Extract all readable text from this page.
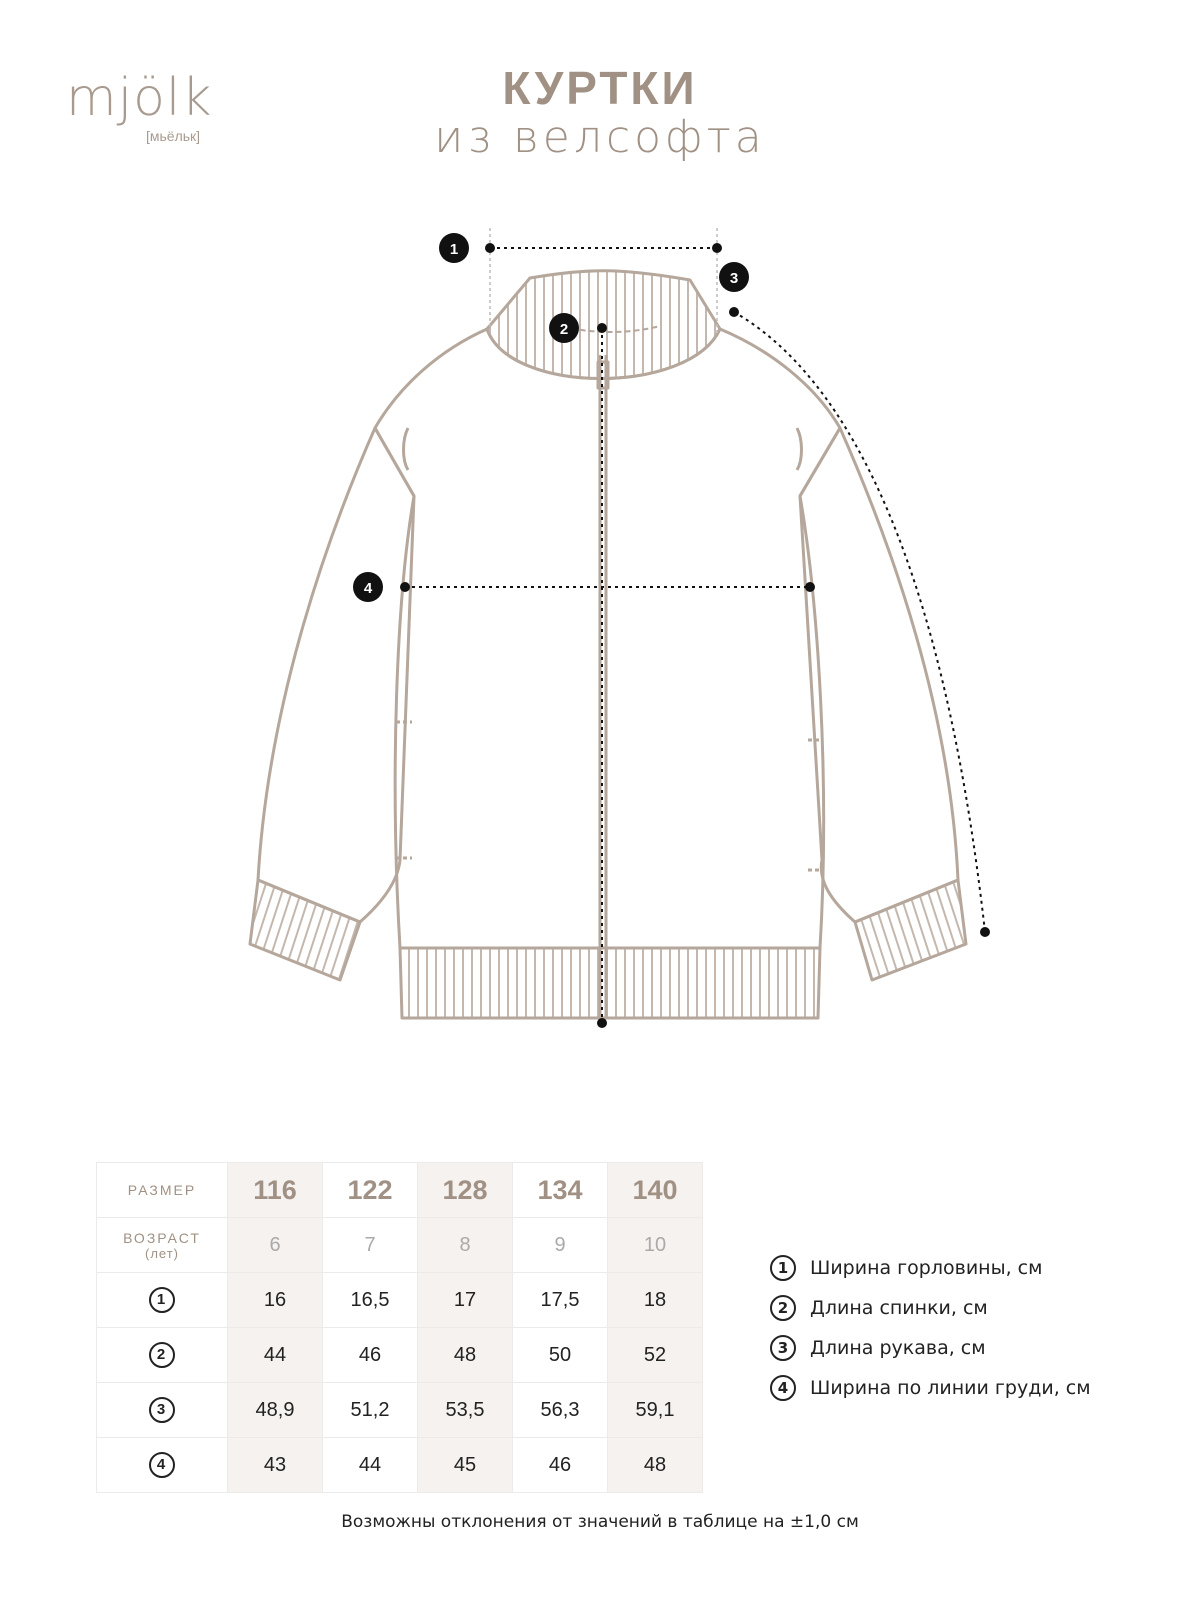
mjölk
[мьёльк]
КУРТКИ
из велсофта
1
2
3
4
РАЗМЕР	116	122	128	134	140
ВОЗРАСТ
(лет)	6	7	8	9	10
1	16	16,5	17	17,5	18
2	44	46	48	50	52
3	48,9	51,2	53,5	56,3	59,1
4	43	44	45	46	48
1	Ширина горловины, см
2	Длина спинки, см
3	Длина рукава, см
4	Ширина по линии груди, см
Возможны отклонения от значений в таблице на ±1,0 см
